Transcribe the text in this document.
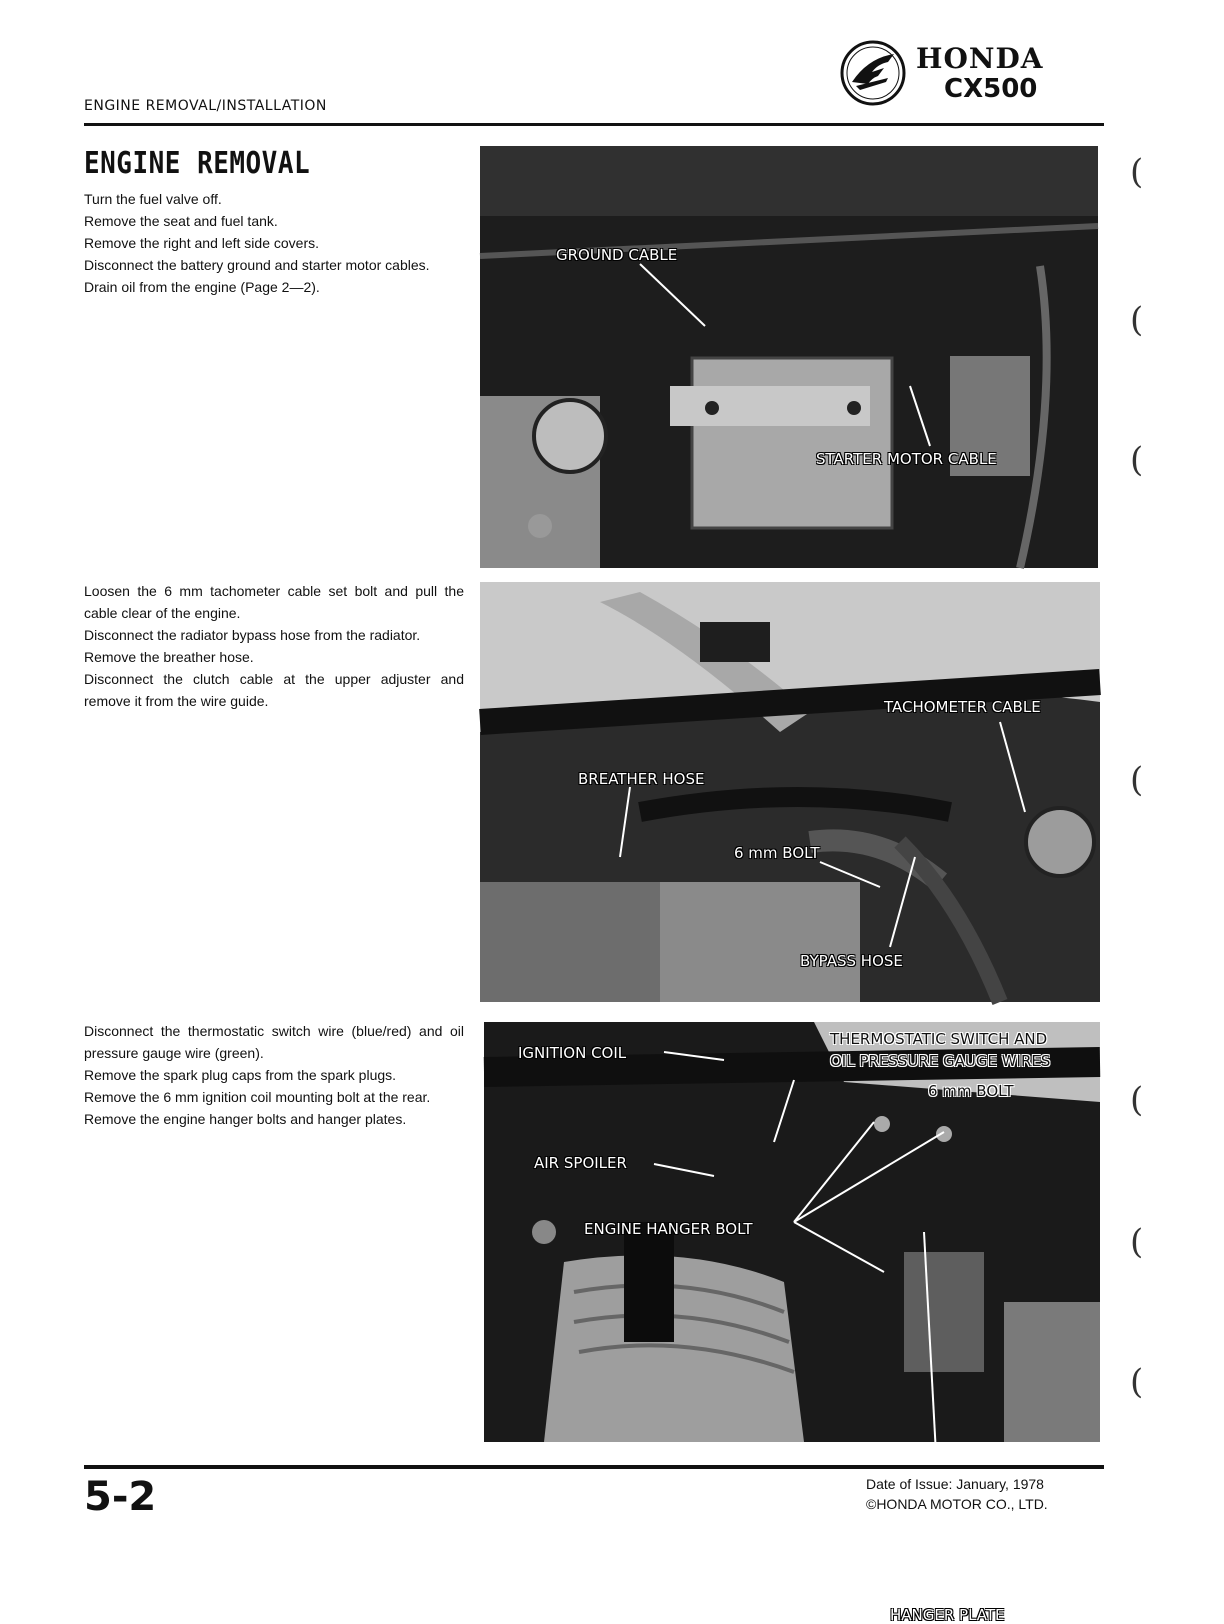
ENGINE REMOVAL/INSTALLATION
HONDA
CX500
ENGINE REMOVAL
Turn the fuel valve off.
Remove the seat and fuel tank.
Remove the right and left side covers.
Disconnect the battery ground and starter motor cables.
Drain oil from the engine (Page 2—2).
GROUND CABLE
STARTER MOTOR CABLE
Loosen the 6 mm tachometer cable set bolt and pull the cable clear of the engine.
Disconnect the radiator bypass hose from the radiator.
Remove the breather hose.
Disconnect the clutch cable at the upper adjuster and remove it from the wire guide.	TACHOMETER CABLE
BREATHER HOSE
6 mm BOLT
BYPASS HOSE
Disconnect the thermostatic switch wire (blue/red) and oil pressure gauge wire (green).
Remove the spark plug caps from the spark plugs.
Remove the 6 mm ignition coil mounting bolt at the rear.
Remove the engine hanger bolts and hanger plates.
IGNITION COIL
THERMOSTATIC SWITCH AND
OIL PRESSURE GAUGE WIRES
6 mm BOLT
AIR SPOILER
ENGINE HANGER BOLT
HANGER PLATE
(
(
(
(
(
(
(
5-2	Date of Issue: January, 1978
©HONDA MOTOR CO., LTD.
